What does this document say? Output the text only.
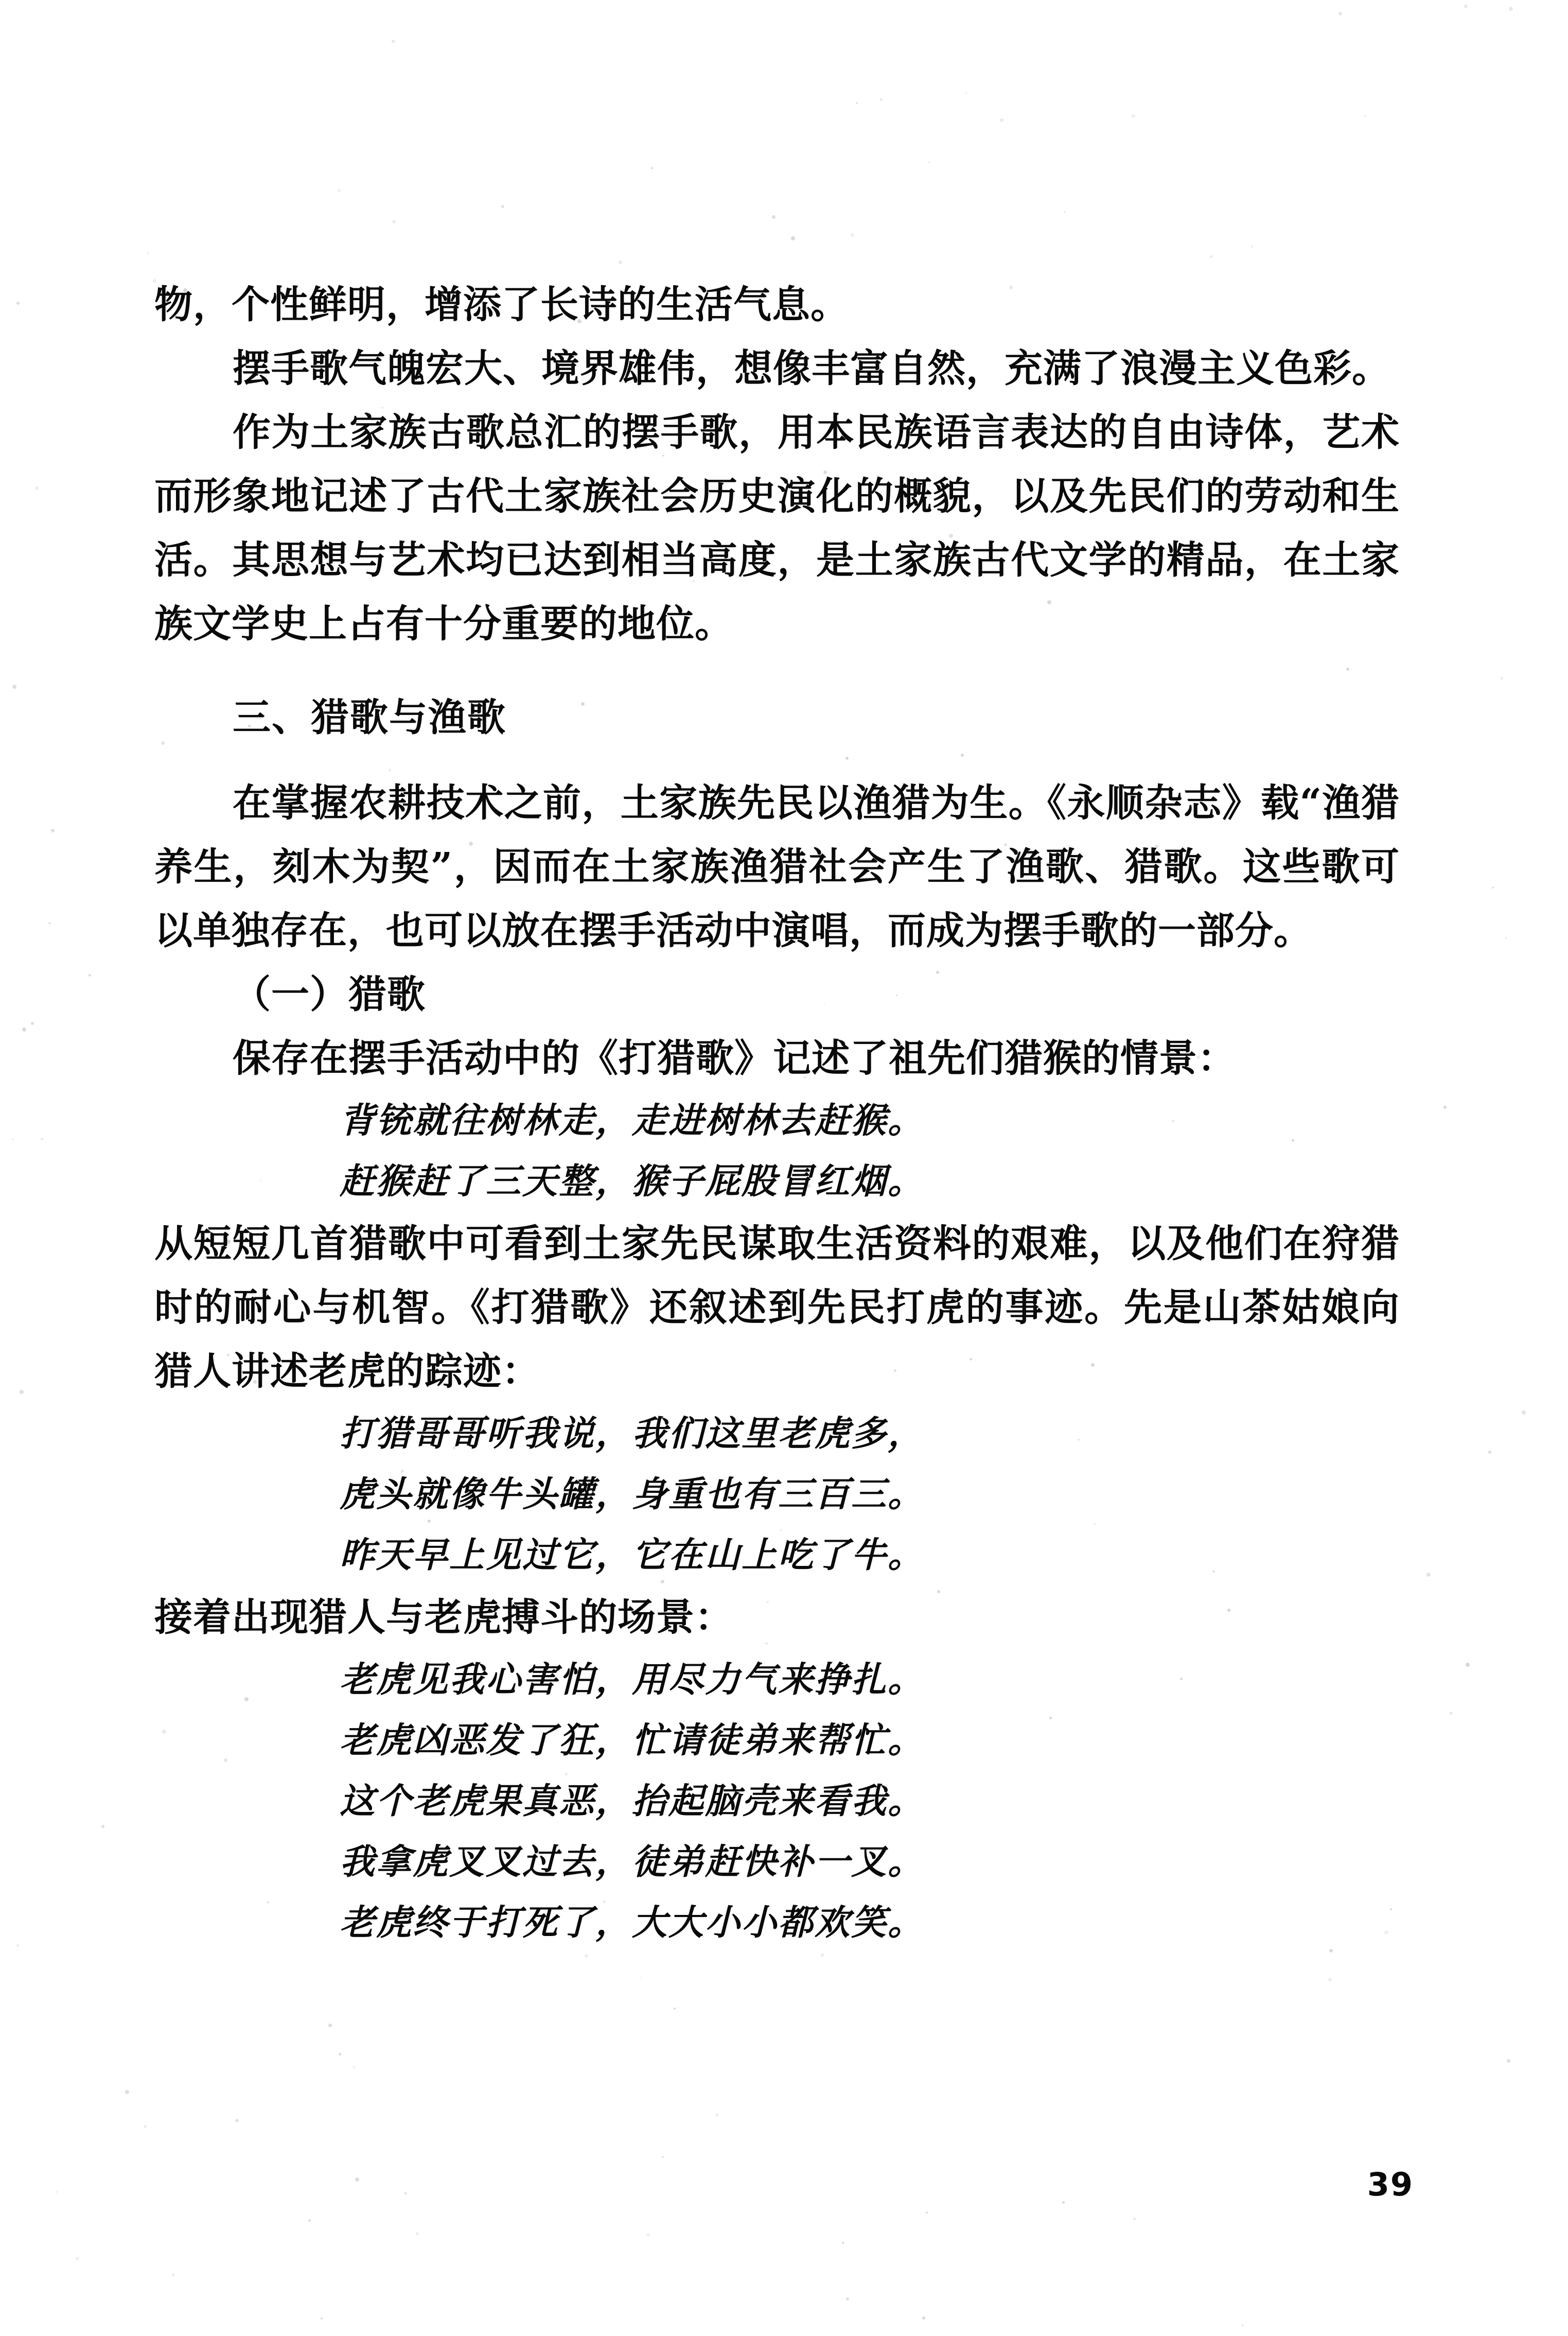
物，个性鲜明，增添了长诗的生活气息。
摆手歌气魄宏大、境界雄伟，想像丰富自然，充满了浪漫主义色彩。
作为土家族古歌总汇的摆手歌，用本民族语言表达的自由诗体，艺术而形象地记述了古代土家族社会历史演化的概貌，以及先民们的劳动和生活。其思想与艺术均已达到相当高度，是土家族古代文学的精品，在土家族文学史上占有十分重要的地位。
三、猎歌与渔歌
在掌握农耕技术之前，土家族先民以渔猎为生。《永顺杂志》载“渔猎养生，刻木为契”，因而在土家族渔猎社会产生了渔歌、猎歌。这些歌可以单独存在，也可以放在摆手活动中演唱，而成为摆手歌的一部分。
（一）猎歌
保存在摆手活动中的《打猎歌》记述了祖先们猎猴的情景：
背铳就往树林走，走进树林去赶猴。
赶猴赶了三天整，猴子屁股冒红烟。
从短短几首猎歌中可看到土家先民谋取生活资料的艰难，以及他们在狩猎时的耐心与机智。《打猎歌》还叙述到先民打虎的事迹。先是山茶姑娘向猎人讲述老虎的踪迹：
打猎哥哥听我说，我们这里老虎多，
虎头就像牛头罐，身重也有三百三。
昨天早上见过它，它在山上吃了牛。
接着出现猎人与老虎搏斗的场景：
老虎见我心害怕，用尽力气来挣扎。
老虎凶恶发了狂，忙请徒弟来帮忙。
这个老虎果真恶，抬起脑壳来看我。
我拿虎叉叉过去，徒弟赶快补一叉。
老虎终于打死了，大大小小都欢笑。
39
